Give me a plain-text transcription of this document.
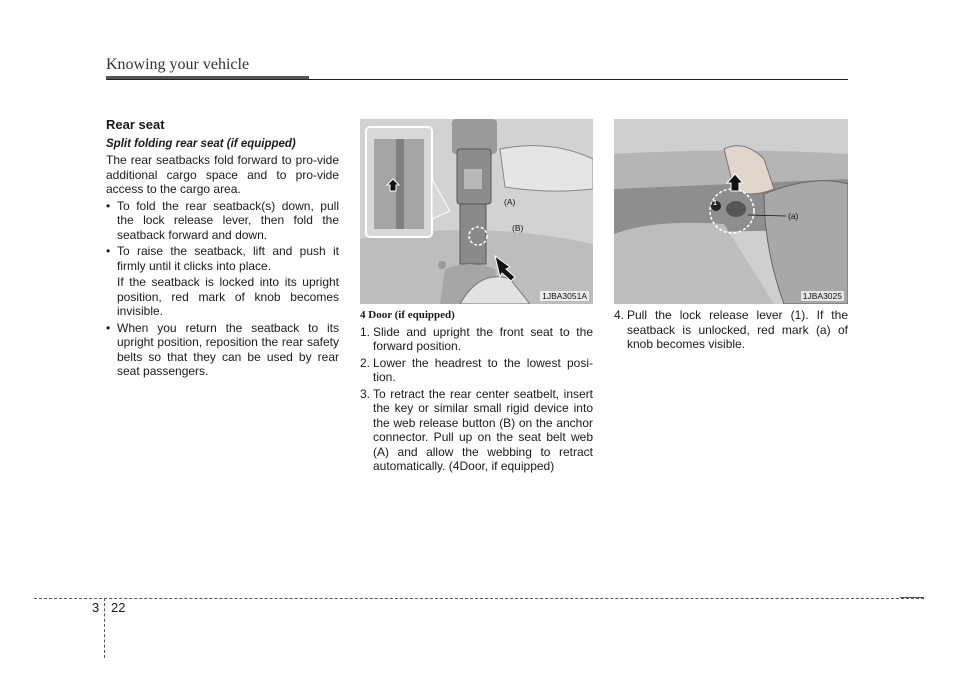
Knowing your vehicle
Rear seat
Split folding rear seat (if equipped)

The rear seatbacks fold forward to pro-vide additional cargo space and to pro-vide access to the cargo area.

• To fold the rear seatback(s) down, pull the lock release lever, then fold the seatback forward and down.
• To raise the seatback, lift and push it firmly until it clicks into place.
If the seatback is locked into its upright position, red mark of knob becomes invisible.
• When you return the seatback to its upright position, reposition the rear safety belts so that they can be used by rear seat passengers.
(A)
(B)
1JBA3051A
4 Door (if equipped)
1. Slide and upright the front seat to the forward position.
2. Lower the headrest to the lowest posi-tion.
3. To retract the rear center seatbelt, insert the key or similar small rigid device into the web release button (B) on the anchor connector. Pull up on the seat belt web (A) and allow the webbing to retract automatically. (4Door, if equipped)
1
(a)
1JBA3025
4. Pull the lock release lever (1). If the seatback is unlocked, red mark (a) of knob becomes visible.
3 22
